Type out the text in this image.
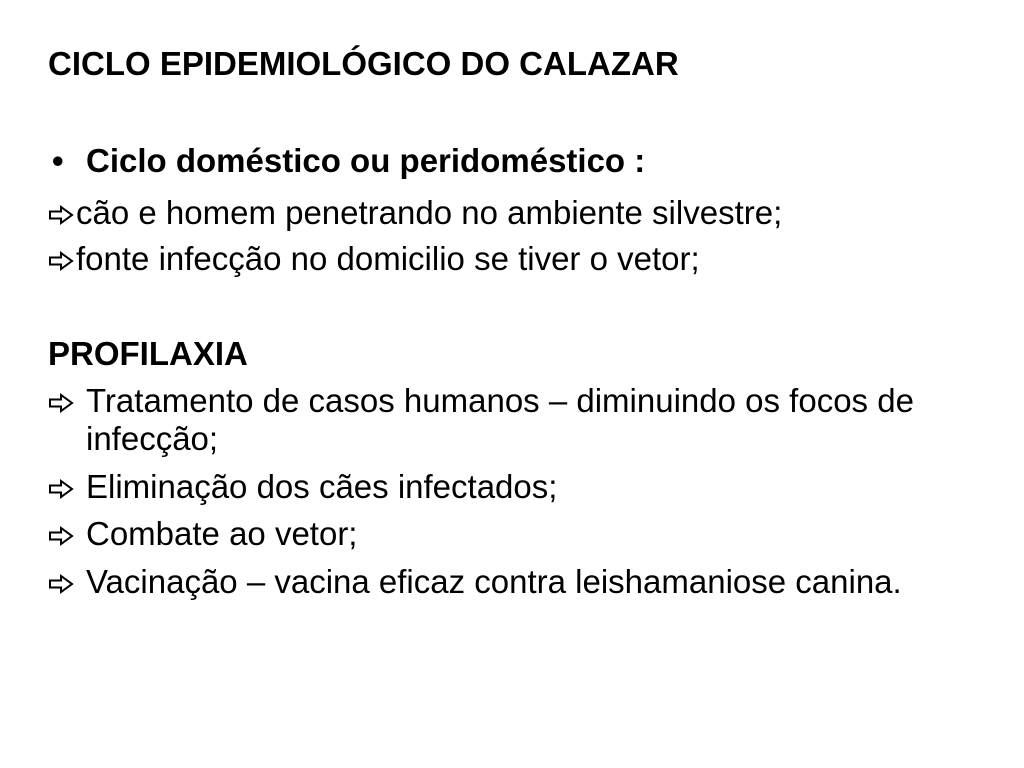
CICLO EPIDEMIOLÓGICO DO CALAZAR
• Ciclo doméstico ou peridoméstico :
cão e homem penetrando no ambiente silvestre;
fonte infecção no domicilio se tiver o vetor;
PROFILAXIA
Tratamento de casos humanos – diminuindo os focos de infecção;
Eliminação dos cães infectados;
Combate ao vetor;
Vacinação – vacina eficaz contra leishamaniose canina.
